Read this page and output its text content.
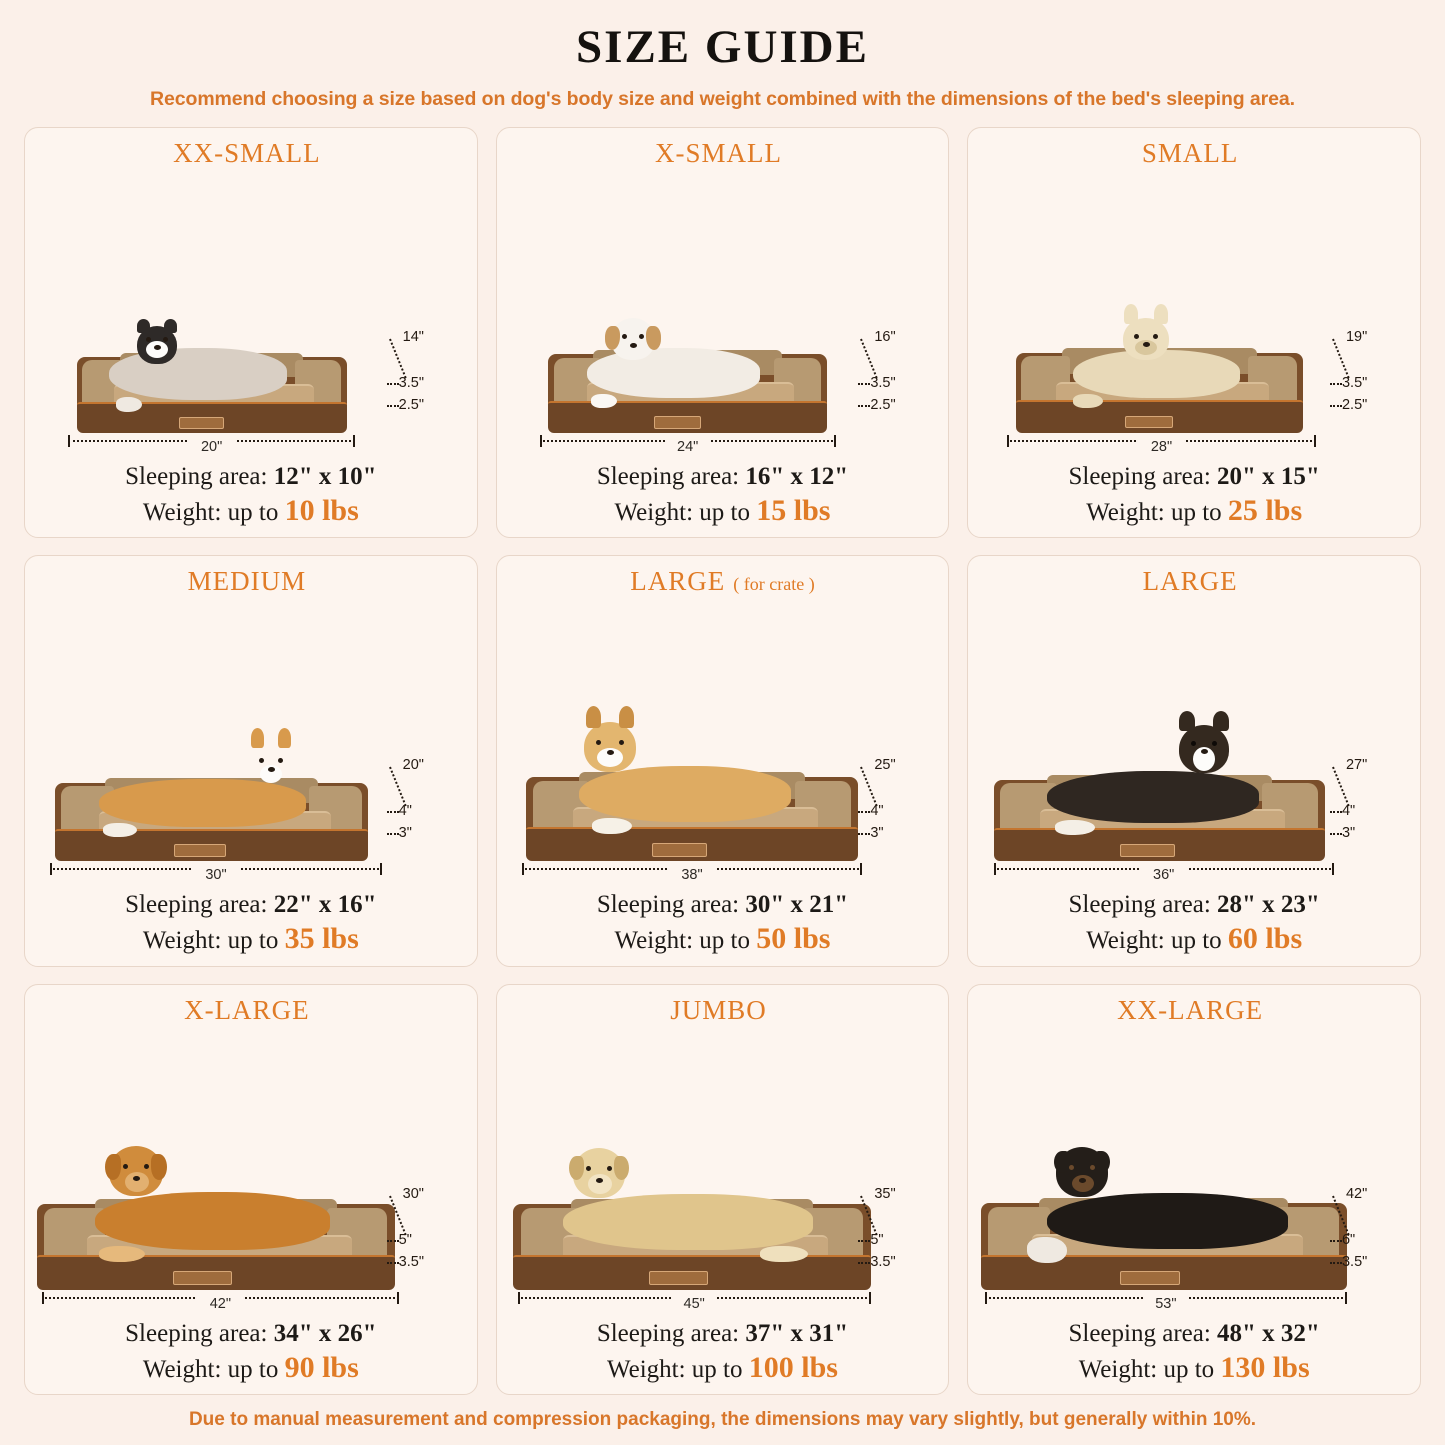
SIZE GUIDE
Recommend choosing a size based on dog's body size and weight combined with the dimensions of the bed's sleeping area.
XX-SMALL
14"
3.5"
2.5"
20"
Sleeping area: 12" x 10"
Weight: up to 10 lbs
X-SMALL
16"
3.5"
2.5"
24"
Sleeping area: 16" x 12"
Weight: up to 15 lbs
SMALL
19"
3.5"
2.5"
28"
Sleeping area: 20" x 15"
Weight: up to 25 lbs
MEDIUM
20"
4"
3"
30"
Sleeping area: 22" x 16"
Weight: up to 35 lbs
LARGE ( for crate )
25"
4"
3"
38"
Sleeping area: 30" x 21"
Weight: up to 50 lbs
LARGE
27"
4"
3"
36"
Sleeping area: 28" x 23"
Weight: up to 60 lbs
X-LARGE
30"
5"
3.5"
42"
Sleeping area: 34" x 26"
Weight: up to 90 lbs
JUMBO
35"
5"
3.5"
45"
Sleeping area: 37" x 31"
Weight: up to 100 lbs
XX-LARGE
42"
6"
3.5"
53"
Sleeping area: 48" x 32"
Weight: up to 130 lbs
Due to manual measurement and compression packaging, the dimensions may vary slightly, but generally within 10%.
